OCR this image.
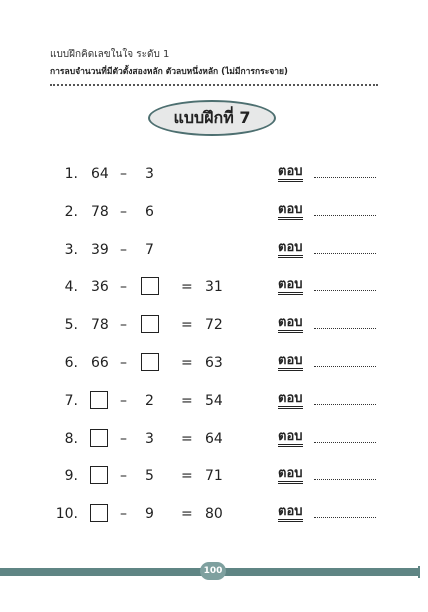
แบบฝึกคิดเลขในใจ ระดับ 1
การลบจำนวนที่มีตัวตั้งสองหลัก ตัวลบหนึ่งหลัก (ไม่มีการกระจาย)
แบบฝึกที่ 7
1. 64 – 3	ตอบ
2. 78 – 6	ตอบ
3. 39 – 7	ตอบ
4. 36 –	= 31	ตอบ
5. 78 –	= 72	ตอบ
6. 66 –	= 63	ตอบ
7.	– 2 = 54	ตอบ
8.	– 3 = 64	ตอบ
9.	– 5 = 71	ตอบ
10.	– 9 = 80	ตอบ
100
